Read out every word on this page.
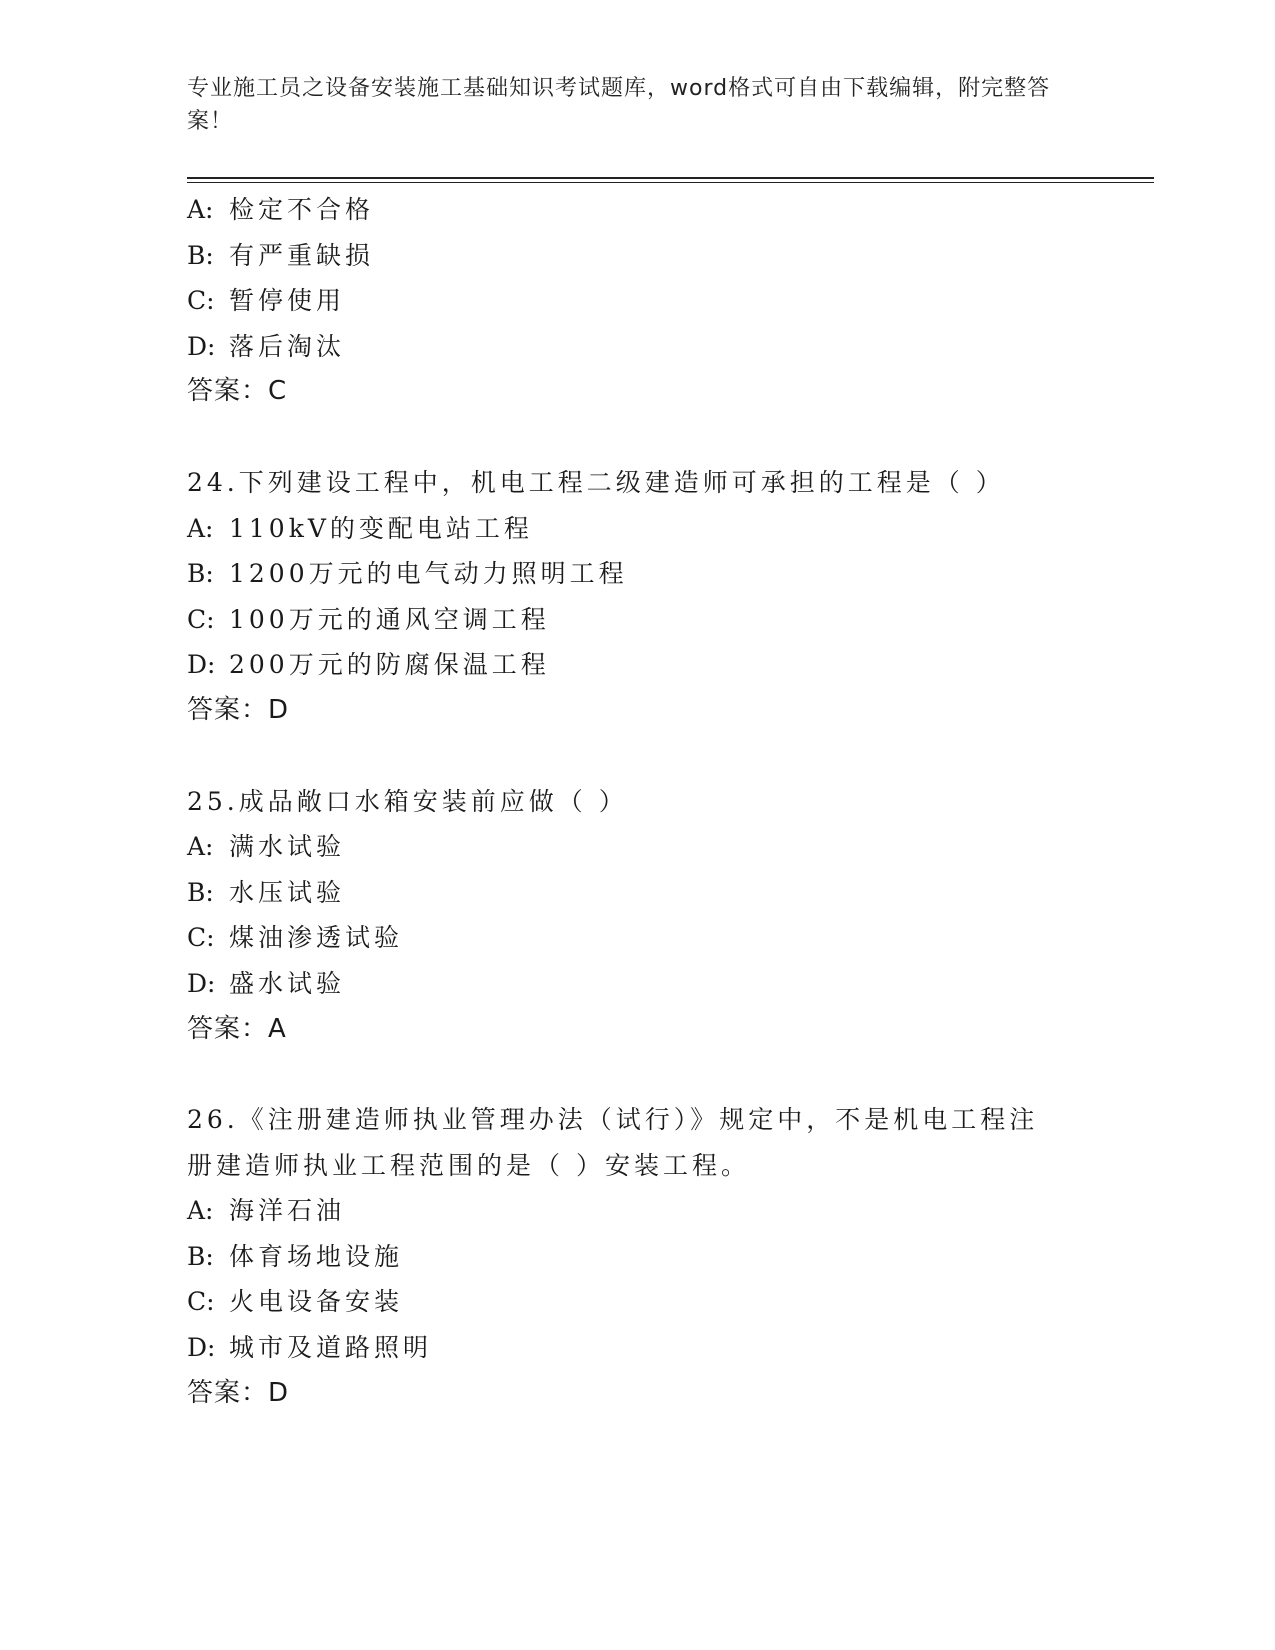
专业施工员之设备安装施工基础知识考试题库，word格式可自由下载编辑，附完整答案！
A: 检定不合格
B: 有严重缺损
C: 暂停使用
D: 落后淘汰
答案：C
24.下列建设工程中，机电工程二级建造师可承担的工程是（ ）
A: 110kV的变配电站工程
B: 1200万元的电气动力照明工程
C: 100万元的通风空调工程
D: 200万元的防腐保温工程
答案：D
25.成品敞口水箱安装前应做（ ）
A: 满水试验
B: 水压试验
C: 煤油渗透试验
D: 盛水试验
答案：A
26.《注册建造师执业管理办法（试行）》规定中，不是机电工程注册建造师执业工程范围的是（ ）安装工程。
A: 海洋石油
B: 体育场地设施
C: 火电设备安装
D: 城市及道路照明
答案：D
